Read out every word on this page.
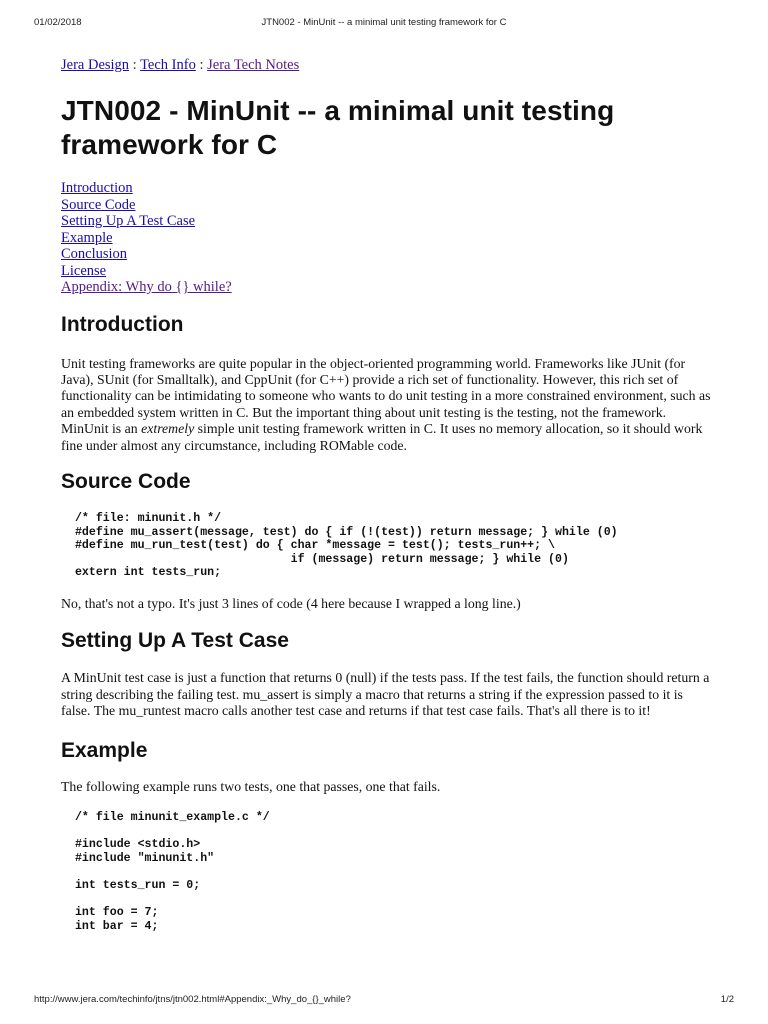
01/02/2018	JTN002 - MinUnit -- a minimal unit testing framework for C
Jera Design : Tech Info : Jera Tech Notes
JTN002 - MinUnit -- a minimal unit testing framework for C
Introduction
Source Code
Setting Up A Test Case
Example
Conclusion
License
Appendix: Why do {} while?
Introduction

Unit testing frameworks are quite popular in the object-oriented programming world. Frameworks like JUnit (for Java), SUnit (for Smalltalk), and CppUnit (for C++) provide a rich set of functionality. However, this rich set of functionality can be intimidating to someone who wants to do unit testing in a more constrained environment, such as an embedded system written in C. But the important thing about unit testing is the testing, not the framework. MinUnit is an extremely simple unit testing framework written in C. It uses no memory allocation, so it should work fine under almost any circumstance, including ROMable code.

Source Code
/* file: minunit.h */
#define mu_assert(message, test) do { if (!(test)) return message; } while (0)
#define mu_run_test(test) do { char *message = test(); tests_run++; \
if (message) return message; } while (0)
extern int tests_run;

No, that's not a typo. It's just 3 lines of code (4 here because I wrapped a long line.)

Setting Up A Test Case

A MinUnit test case is just a function that returns 0 (null) if the tests pass. If the test fails, the function should return a string describing the failing test. mu_assert is simply a macro that returns a string if the expression passed to it is false. The mu_runtest macro calls another test case and returns if that test case fails. That's all there is to it!

Example

The following example runs two tests, one that passes, one that fails.

/* file minunit_example.c */

#include <stdio.h>
#include "minunit.h"

int tests_run = 0;

int foo = 7;
int bar = 4;
http://www.jera.com/techinfo/jtns/jtn002.html#Appendix:_Why_do_{}_while?	1/2
